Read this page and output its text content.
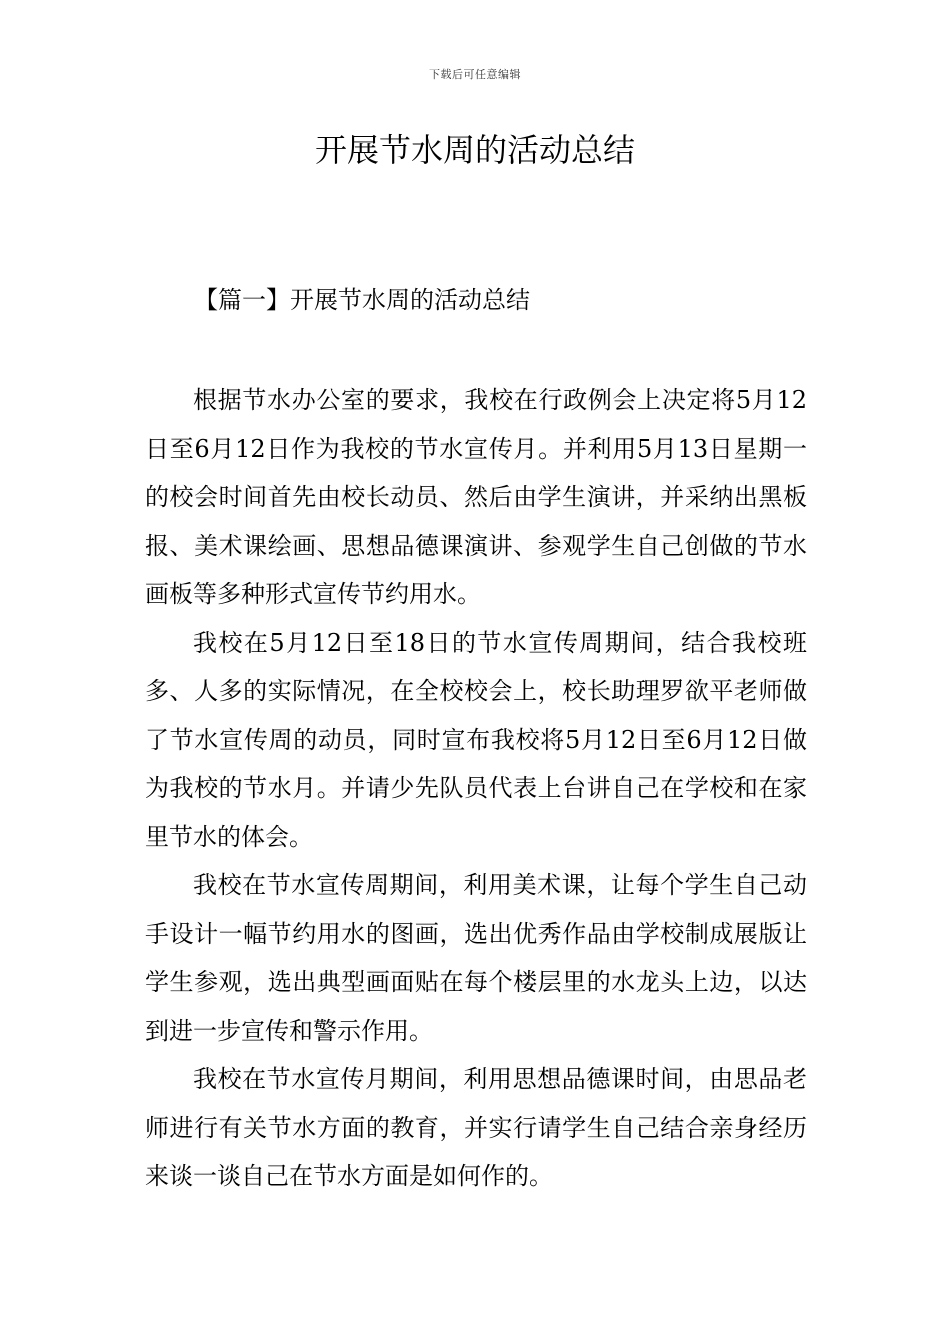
下载后可任意编辑
开展节水周的活动总结
【篇一】开展节水周的活动总结

根据节水办公室的要求，我校在行政例会上决定将5月12日至6月12日作为我校的节水宣传月。并利用5月13日星期一的校会时间首先由校长动员、然后由学生演讲，并采纳出黑板报、美术课绘画、思想品德课演讲、参观学生自己创做的节水画板等多种形式宣传节约用水。

我校在5月12日至18日的节水宣传周期间，结合我校班多、人多的实际情况，在全校校会上，校长助理罗欲平老师做了节水宣传周的动员，同时宣布我校将5月12日至6月12日做为我校的节水月。并请少先队员代表上台讲自己在学校和在家里节水的体会。

我校在节水宣传周期间，利用美术课，让每个学生自己动手设计一幅节约用水的图画，选出优秀作品由学校制成展版让学生参观，选出典型画面贴在每个楼层里的水龙头上边，以达到进一步宣传和警示作用。

我校在节水宣传月期间，利用思想品德课时间，由思品老师进行有关节水方面的教育，并实行请学生自己结合亲身经历来谈一谈自己在节水方面是如何作的。
